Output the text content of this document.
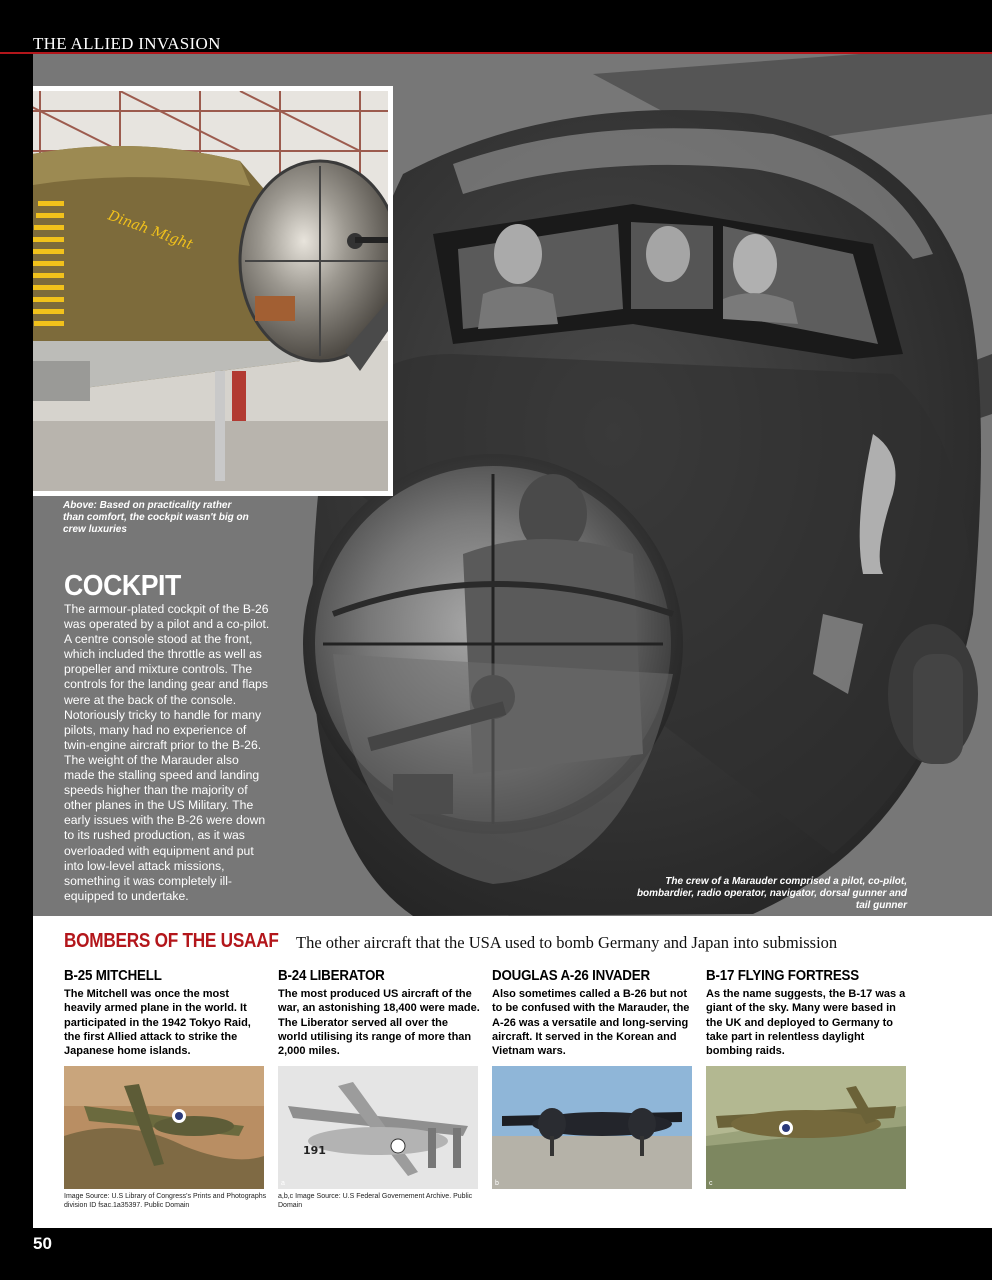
THE ALLIED INVASION
Dinah Might
Above: Based on practicality rather than comfort, the cockpit wasn't big on crew luxuries
COCKPIT
The armour-plated cockpit of the B-26 was operated by a pilot and a co-pilot. A centre console stood at the front, which included the throttle as well as propeller and mixture controls. The controls for the landing gear and flaps were at the back of the console. Notoriously tricky to handle for many pilots, many had no experience of twin-engine aircraft prior to the B-26. The weight of the Marauder also made the stalling speed and landing speeds higher than the majority of other planes in the US Military. The early issues with the B-26 were down to its rushed production, as it was overloaded with equipment and put into low-level attack missions, something it was completely ill-equipped to undertake.
The crew of a Marauder comprised a pilot, co-pilot, bombardier, radio operator, navigator, dorsal gunner and tail gunner
BOMBERS OF THE USAAF The other aircraft that the USA used to bomb Germany and Japan into submission
B-25 MITCHELL
The Mitchell was once the most heavily armed plane in the world. It participated in the 1942 Tokyo Raid, the first Allied attack to strike the Japanese home islands.
Image Source: U.S Library of Congress's Prints and Photographs division ID fsac.1a35397. Public Domain
B-24 LIBERATOR
The most produced US aircraft of the war, an astonishing 18,400 were made. The Liberator served all over the world utilising its range of more than 2,000 miles.
191
a
a,b,c Image Source: U.S Federal Governement Archive. Public Domain
DOUGLAS A-26 INVADER
Also sometimes called a B-26 but not to be confused with the Marauder, the A-26 was a versatile and long-serving aircraft. It served in the Korean and Vietnam wars.
b
B-17 FLYING FORTRESS
As the name suggests, the B-17 was a giant of the sky. Many were based in the UK and deployed to Germany to take part in relentless daylight bombing raids.
c
50
